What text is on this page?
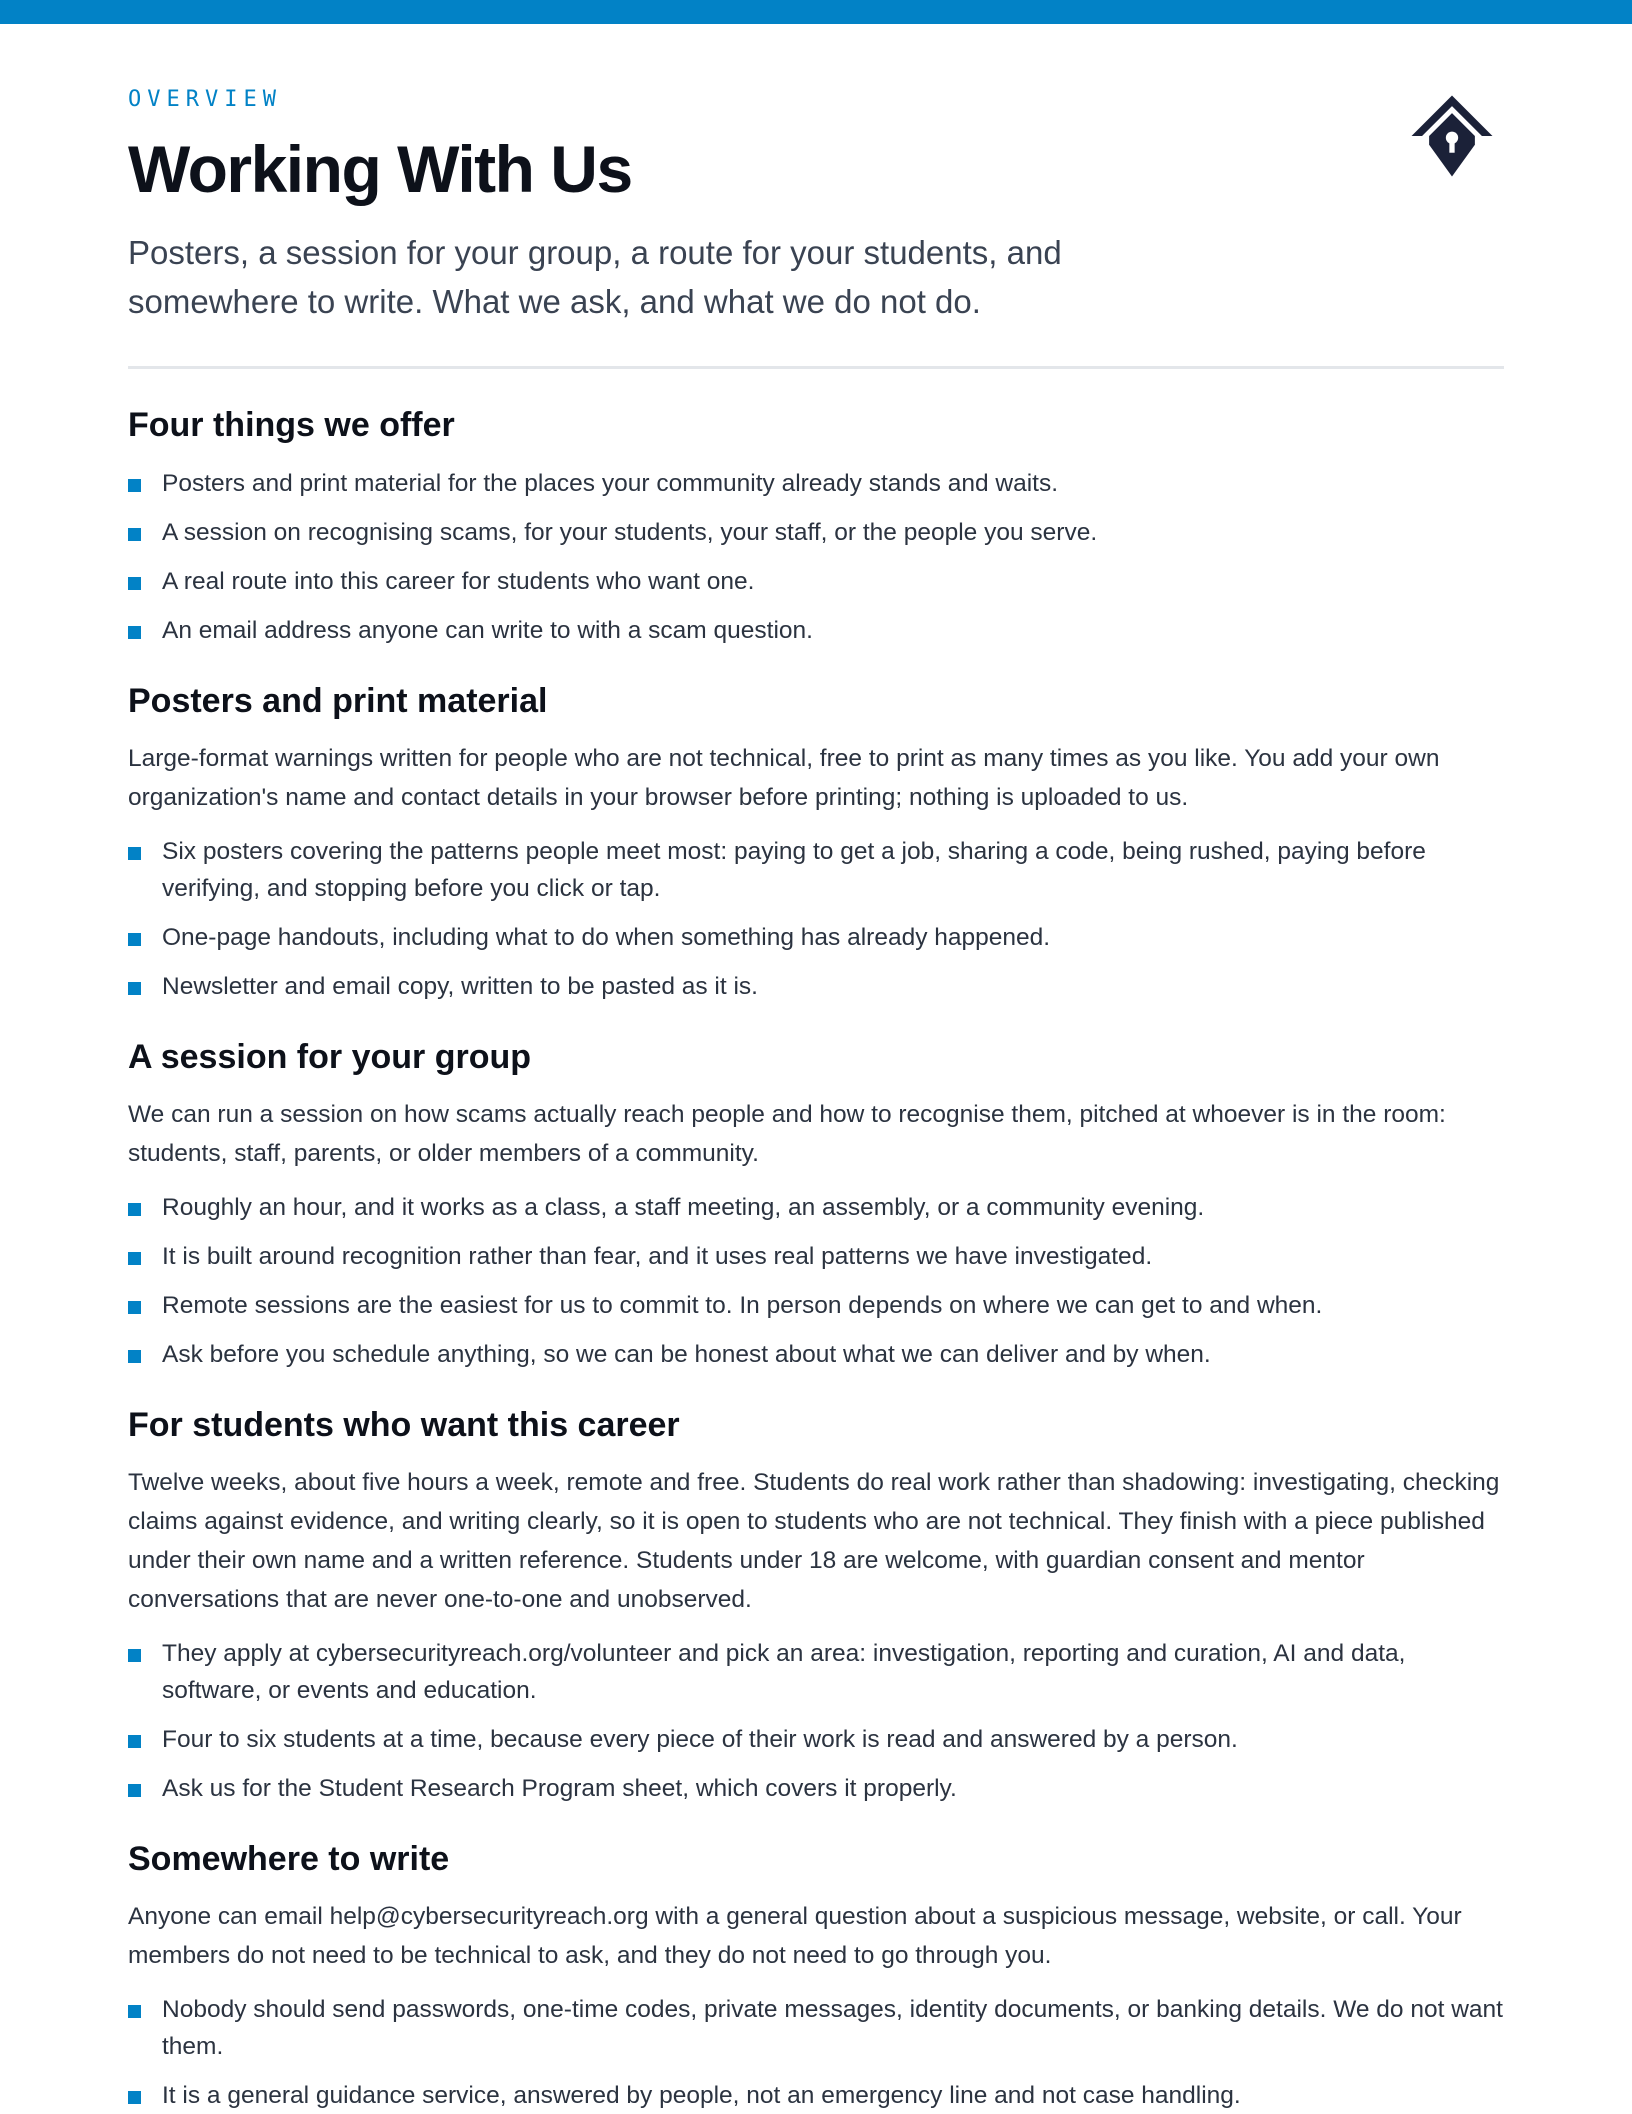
OVERVIEW

Working With Us

Posters, a session for your group, a route for your students, and somewhere to write. What we ask, and what we do not do.

Four things we offer
Posters and print material for the places your community already stands and waits.
A session on recognising scams, for your students, your staff, or the people you serve.
A real route into this career for students who want one.
An email address anyone can write to with a scam question.
Posters and print material

Large-format warnings written for people who are not technical, free to print as many times as you like. You add your own organization's name and contact details in your browser before printing; nothing is uploaded to us.

Six posters covering the patterns people meet most: paying to get a job, sharing a code, being rushed, paying before verifying, and stopping before you click or tap.
One-page handouts, including what to do when something has already happened.
Newsletter and email copy, written to be pasted as it is.
A session for your group

We can run a session on how scams actually reach people and how to recognise them, pitched at whoever is in the room: students, staff, parents, or older members of a community.

Roughly an hour, and it works as a class, a staff meeting, an assembly, or a community evening.
It is built around recognition rather than fear, and it uses real patterns we have investigated.
Remote sessions are the easiest for us to commit to. In person depends on where we can get to and when.
Ask before you schedule anything, so we can be honest about what we can deliver and by when.
For students who want this career

Twelve weeks, about five hours a week, remote and free. Students do real work rather than shadowing: investigating, checking claims against evidence, and writing clearly, so it is open to students who are not technical. They finish with a piece published under their own name and a written reference. Students under 18 are welcome, with guardian consent and mentor conversations that are never one-to-one and unobserved.

They apply at cybersecurityreach.org/volunteer and pick an area: investigation, reporting and curation, AI and data, software, or events and education.
Four to six students at a time, because every piece of their work is read and answered by a person.
Ask us for the Student Research Program sheet, which covers it properly.
Somewhere to write

Anyone can email help@cybersecurityreach.org with a general question about a suspicious message, website, or call. Your members do not need to be technical to ask, and they do not need to go through you.

Nobody should send passwords, one-time codes, private messages, identity documents, or banking details. We do not want them.
It is a general guidance service, answered by people, not an emergency line and not case handling.
